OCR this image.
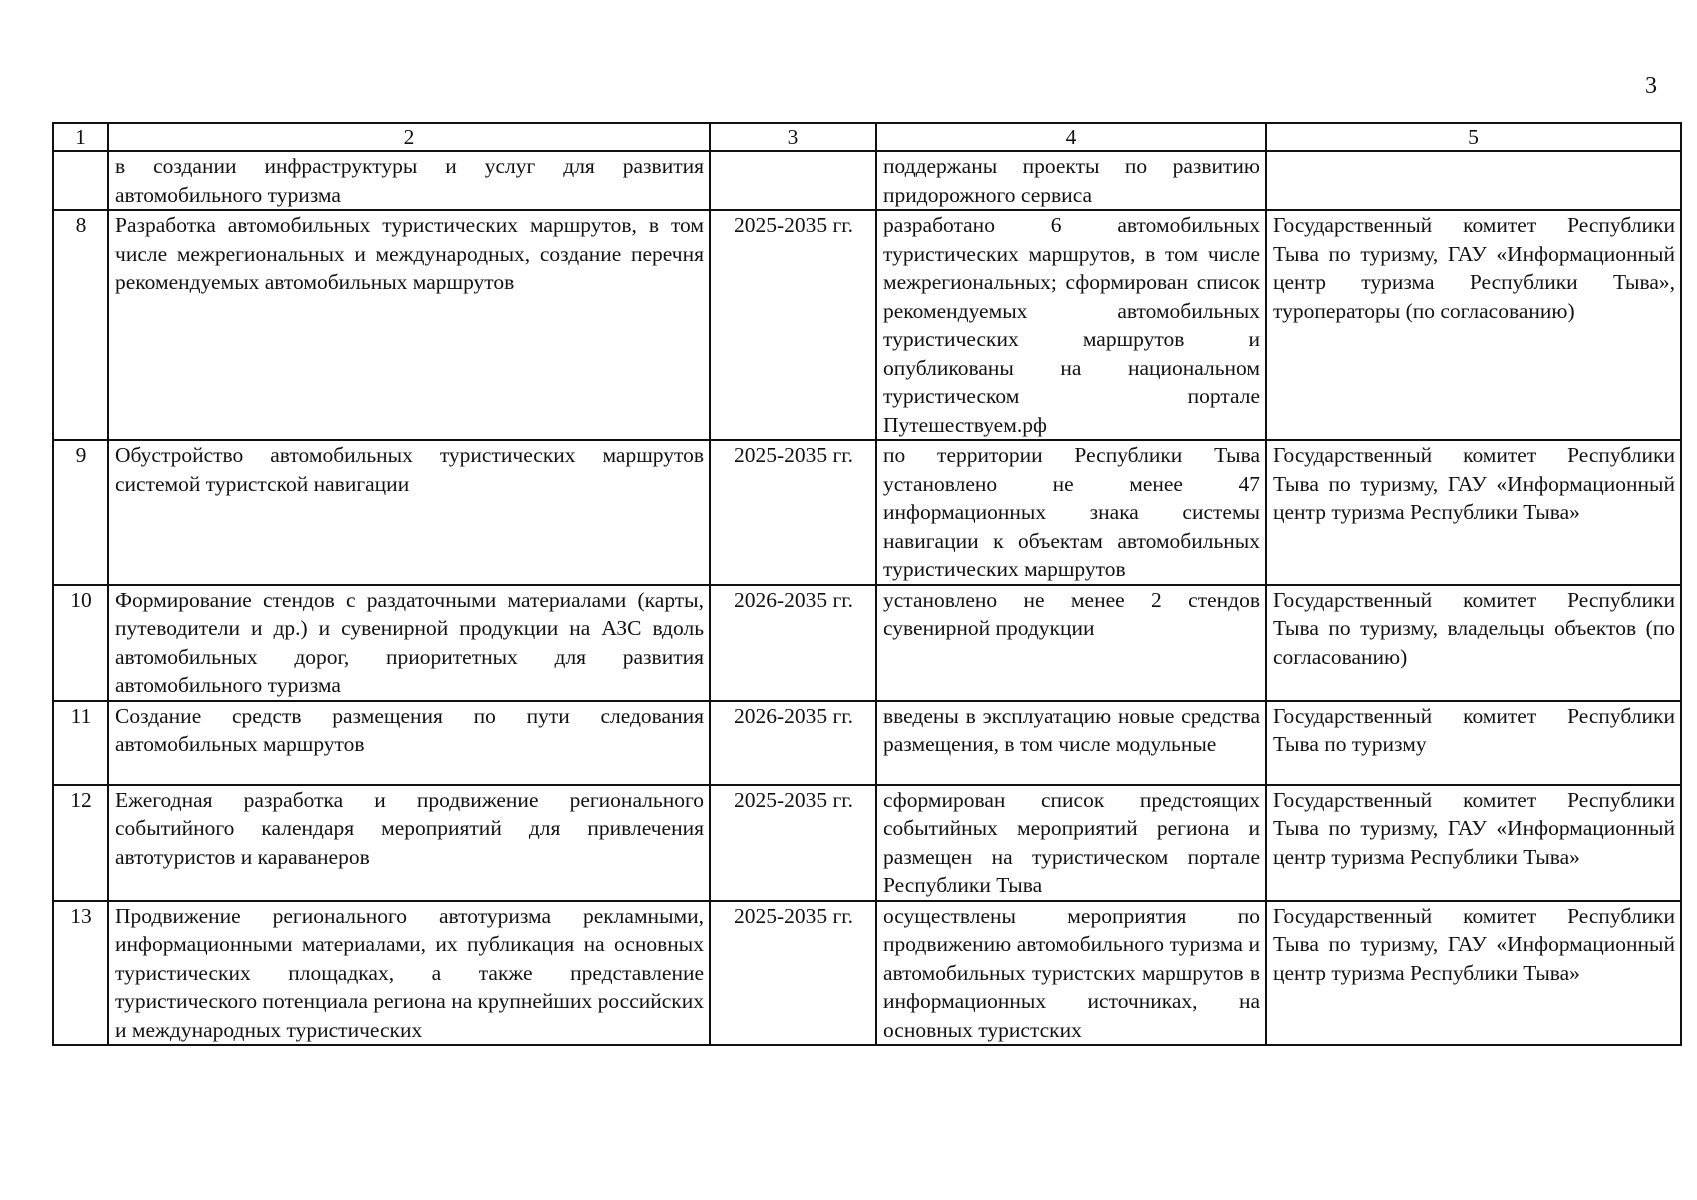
3
1	2	3	4	5
	в создании инфраструктуры и услуг для развития автомобильного туризма		поддержаны проекты по развитию придорожного сервиса	
8	Разработка автомобильных туристических маршрутов, в том числе межрегиональных и международных, создание перечня рекомендуемых автомобильных маршрутов	2025-2035 гг.	разработано 6 автомобильных туристических маршрутов, в том числе межрегиональных; сформирован список рекомендуемых автомобильных туристических маршрутов и опубликованы на национальном туристическом портале Путешествуем.рф	Государственный комитет Республики Тыва по туризму, ГАУ «Информационный центр туризма Республики Тыва», туроператоры (по согласованию)
9	Обустройство автомобильных туристических маршрутов системой туристской навигации	2025-2035 гг.	по территории Республики Тыва установлено не менее 47 информационных знака системы навигации к объектам автомобильных туристических маршрутов	Государственный комитет Республики Тыва по туризму, ГАУ «Информационный центр туризма Республики Тыва»
10	Формирование стендов с раздаточными материалами (карты, путеводители и др.) и сувенирной продукции на АЗС вдоль автомобильных дорог, приоритетных для развития автомобильного туризма	2026-2035 гг.	установлено не менее 2 стендов сувенирной продукции	Государственный комитет Республики Тыва по туризму, владельцы объектов (по согласованию)
11	Создание средств размещения по пути следования автомобильных маршрутов	2026-2035 гг.	введены в эксплуатацию новые средства размещения, в том числе модульные	Государственный комитет Республики Тыва по туризму
12	Ежегодная разработка и продвижение регионального событийного календаря мероприятий для привлечения автотуристов и караванеров	2025-2035 гг.	сформирован список предстоящих событийных мероприятий региона и размещен на туристическом портале Республики Тыва	Государственный комитет Республики Тыва по туризму, ГАУ «Информационный центр туризма Республики Тыва»
13	Продвижение регионального автотуризма рекламными, информационными материалами, их публикация на основных туристических площадках, а также представление туристического потенциала региона на крупнейших российских и международных туристических	2025-2035 гг.	осуществлены мероприятия по продвижению автомобильного туризма и автомобильных туристских маршрутов в информационных источниках, на основных туристских	Государственный комитет Республики Тыва по туризму, ГАУ «Информационный центр туризма Республики Тыва»
